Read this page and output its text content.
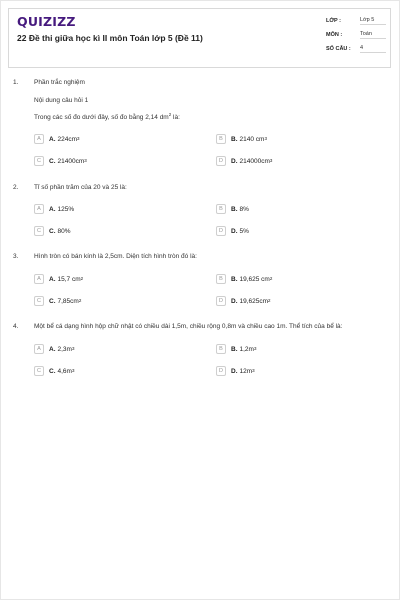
QUIZIZZ
22 Đề thi giữa học kì II môn Toán lớp 5 (Đề 11)
LỚP :	Lớp 5
MÔN :	Toán
SỐ CÂU : 4
1. Phần trắc nghiệm
Nội dung câu hỏi 1
Trong các số đo dưới đây, số đo bằng 2,14 $dm^2$ là:
A	A. 224cm 3	B	B. 2140 cm 3
C	C. 21400cm 3	D	D. 214000cm 3
2. Tỉ số phần trăm của 20 và 25 là:
A	A. 125%	B	B. 8%
C	C. 80%	D	D. 5%
3. Hình tròn có bán kính là 2,5cm. Diện tích hình tròn đó là:
A	A. 15,7 cm 2	B	B. 19,625 cm 2
C	C. 7,85cm 2	D	D. 19,625cm 2
4. Một bể cá dạng hình hộp chữ nhật có chiều dài 1,5m, chiều rộng 0,8m và chiều cao 1m. Thể tích của bể là:
A	A. 2,3m 3	B	B. 1,2m 3
C	C. 4,6m 3	D	D. 12m 3
